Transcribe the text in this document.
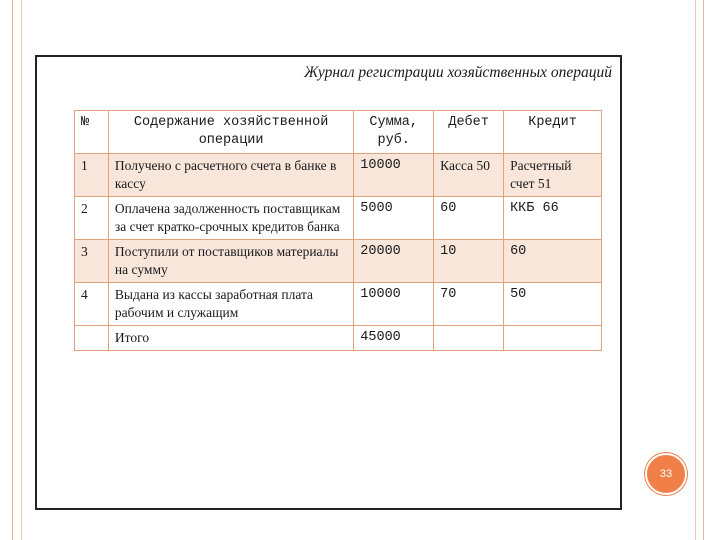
Журнал регистрации хозяйственных операций
№	Содержание хозяйственной операции	Сумма, руб.	Дебет	Кредит
1	Получено с расчетного счета в банке в кассу	10000	Касса 50	Расчетный счет 51
2	Оплачена задолженность поставщикам за счет кратко-срочных кредитов банка	5000	60	ККБ 66
3	Поступили от поставщиков материалы на сумму	20000	10	60
4	Выдана из кассы заработная плата рабочим и служащим	10000	70	50
	Итого	45000		
33
